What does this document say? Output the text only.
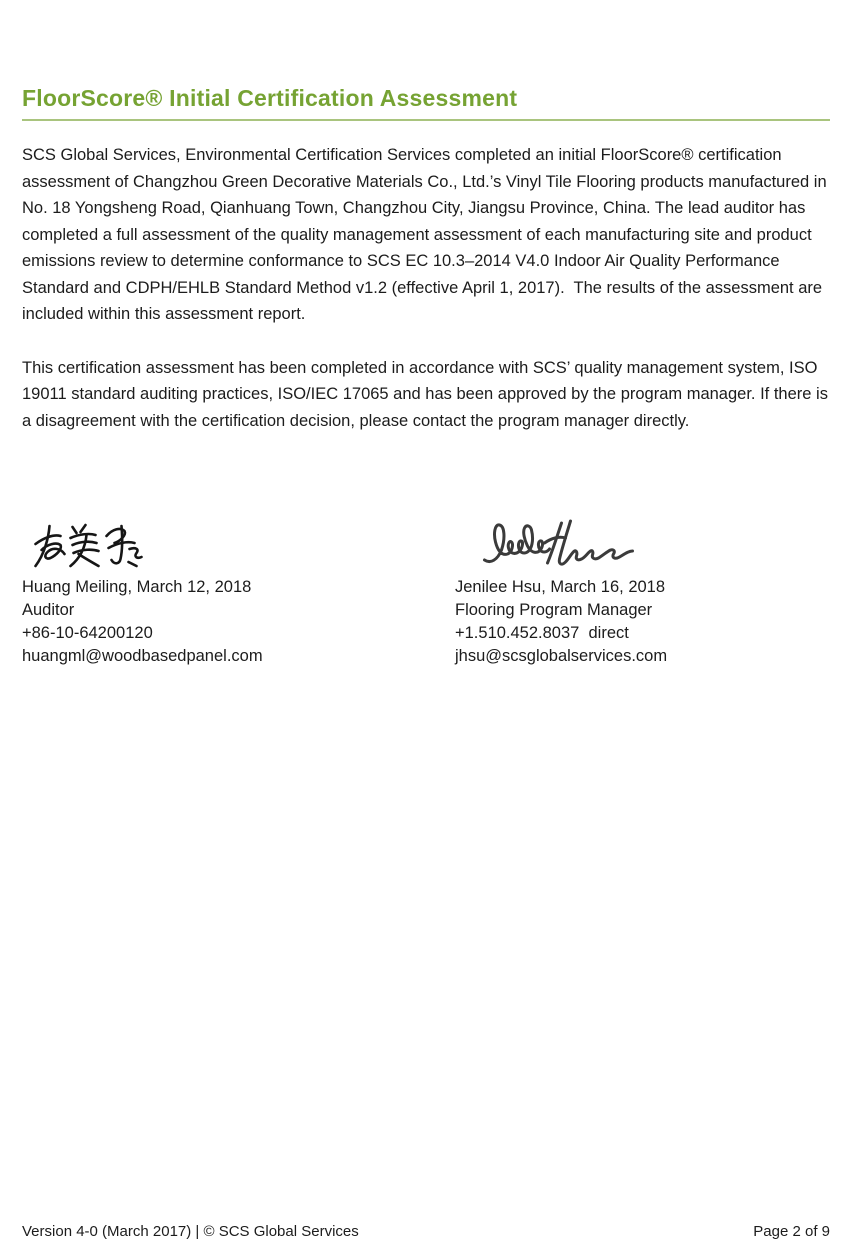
FloorScore® Initial Certification Assessment

SCS Global Services, Environmental Certification Services completed an initial FloorScore® certification assessment of Changzhou Green Decorative Materials Co., Ltd.’s Vinyl Tile Flooring products manufactured in No. 18 Yongsheng Road, Qianhuang Town, Changzhou City, Jiangsu Province, China. The lead auditor has completed a full assessment of the quality management assessment of each manufacturing site and product emissions review to determine conformance to SCS EC 10.3–2014 V4.0 Indoor Air Quality Performance Standard and CDPH/EHLB Standard Method v1.2 (effective April 1, 2017).  The results of the assessment are included within this assessment report.

This certification assessment has been completed in accordance with SCS’ quality management system, ISO 19011 standard auditing practices, ISO/IEC 17065 and has been approved by the program manager. If there is a disagreement with the certification decision, please contact the program manager directly.

Huang Meiling, March 12, 2018
Auditor
+86-10-64200120
huangml@woodbasedpanel.com
Jenilee Hsu, March 16, 2018
Flooring Program Manager
+1.510.452.8037  direct
jhsu@scsglobalservices.com
Version 4-0 (March 2017) | © SCS Global Services	Page 2 of 9
